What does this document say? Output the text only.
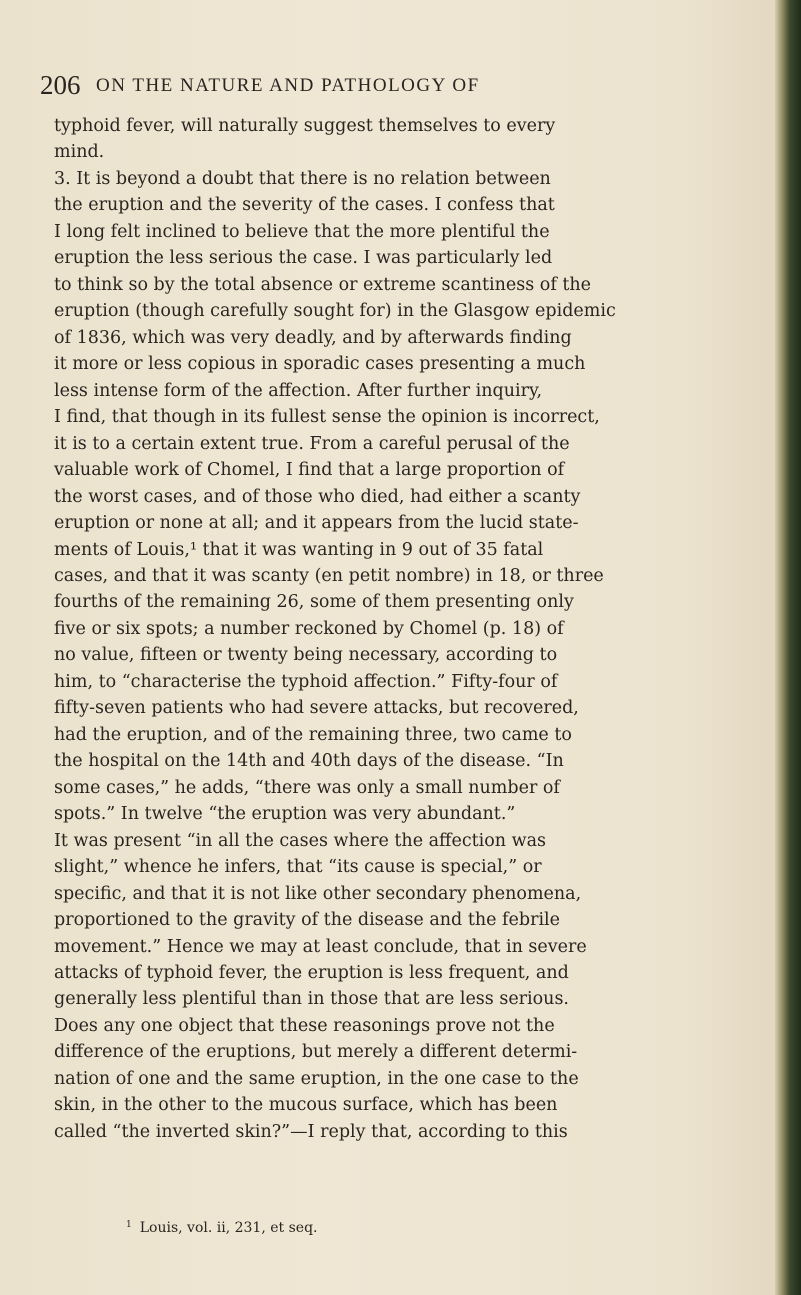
206 ON THE NATURE AND PATHOLOGY OF
typhoid fever, will naturally suggest themselves to every
mind.
3. It is beyond a doubt that there is no relation between
the eruption and the severity of the cases. I confess that
I long felt inclined to believe that the more plentiful the
eruption the less serious the case. I was particularly led
to think so by the total absence or extreme scantiness of the
eruption (though carefully sought for) in the Glasgow epidemic
of 1836, which was very deadly, and by afterwards finding
it more or less copious in sporadic cases presenting a much
less intense form of the affection. After further inquiry,
I find, that though in its fullest sense the opinion is incorrect,
it is to a certain extent true. From a careful perusal of the
valuable work of Chomel, I find that a large proportion of
the worst cases, and of those who died, had either a scanty
eruption or none at all; and it appears from the lucid state-
ments of Louis,¹ that it was wanting in 9 out of 35 fatal
cases, and that it was scanty (en petit nombre) in 18, or three
fourths of the remaining 26, some of them presenting only
five or six spots; a number reckoned by Chomel (p. 18) of
no value, fifteen or twenty being necessary, according to
him, to “characterise the typhoid affection.” Fifty-four of
fifty-seven patients who had severe attacks, but recovered,
had the eruption, and of the remaining three, two came to
the hospital on the 14th and 40th days of the disease. “In
some cases,” he adds, “there was only a small number of
spots.” In twelve “the eruption was very abundant.”
It was present “in all the cases where the affection was
slight,” whence he infers, that “its cause is special,” or
specific, and that it is not like other secondary phenomena,
proportioned to the gravity of the disease and the febrile
movement.” Hence we may at least conclude, that in severe
attacks of typhoid fever, the eruption is less frequent, and
generally less plentiful than in those that are less serious.
Does any one object that these reasonings prove not the
difference of the eruptions, but merely a different determi-
nation of one and the same eruption, in the one case to the
skin, in the other to the mucous surface, which has been
called “the inverted skin?”—I reply that, according to this
$^1$ Louis, vol. ii, 231, et seq.
